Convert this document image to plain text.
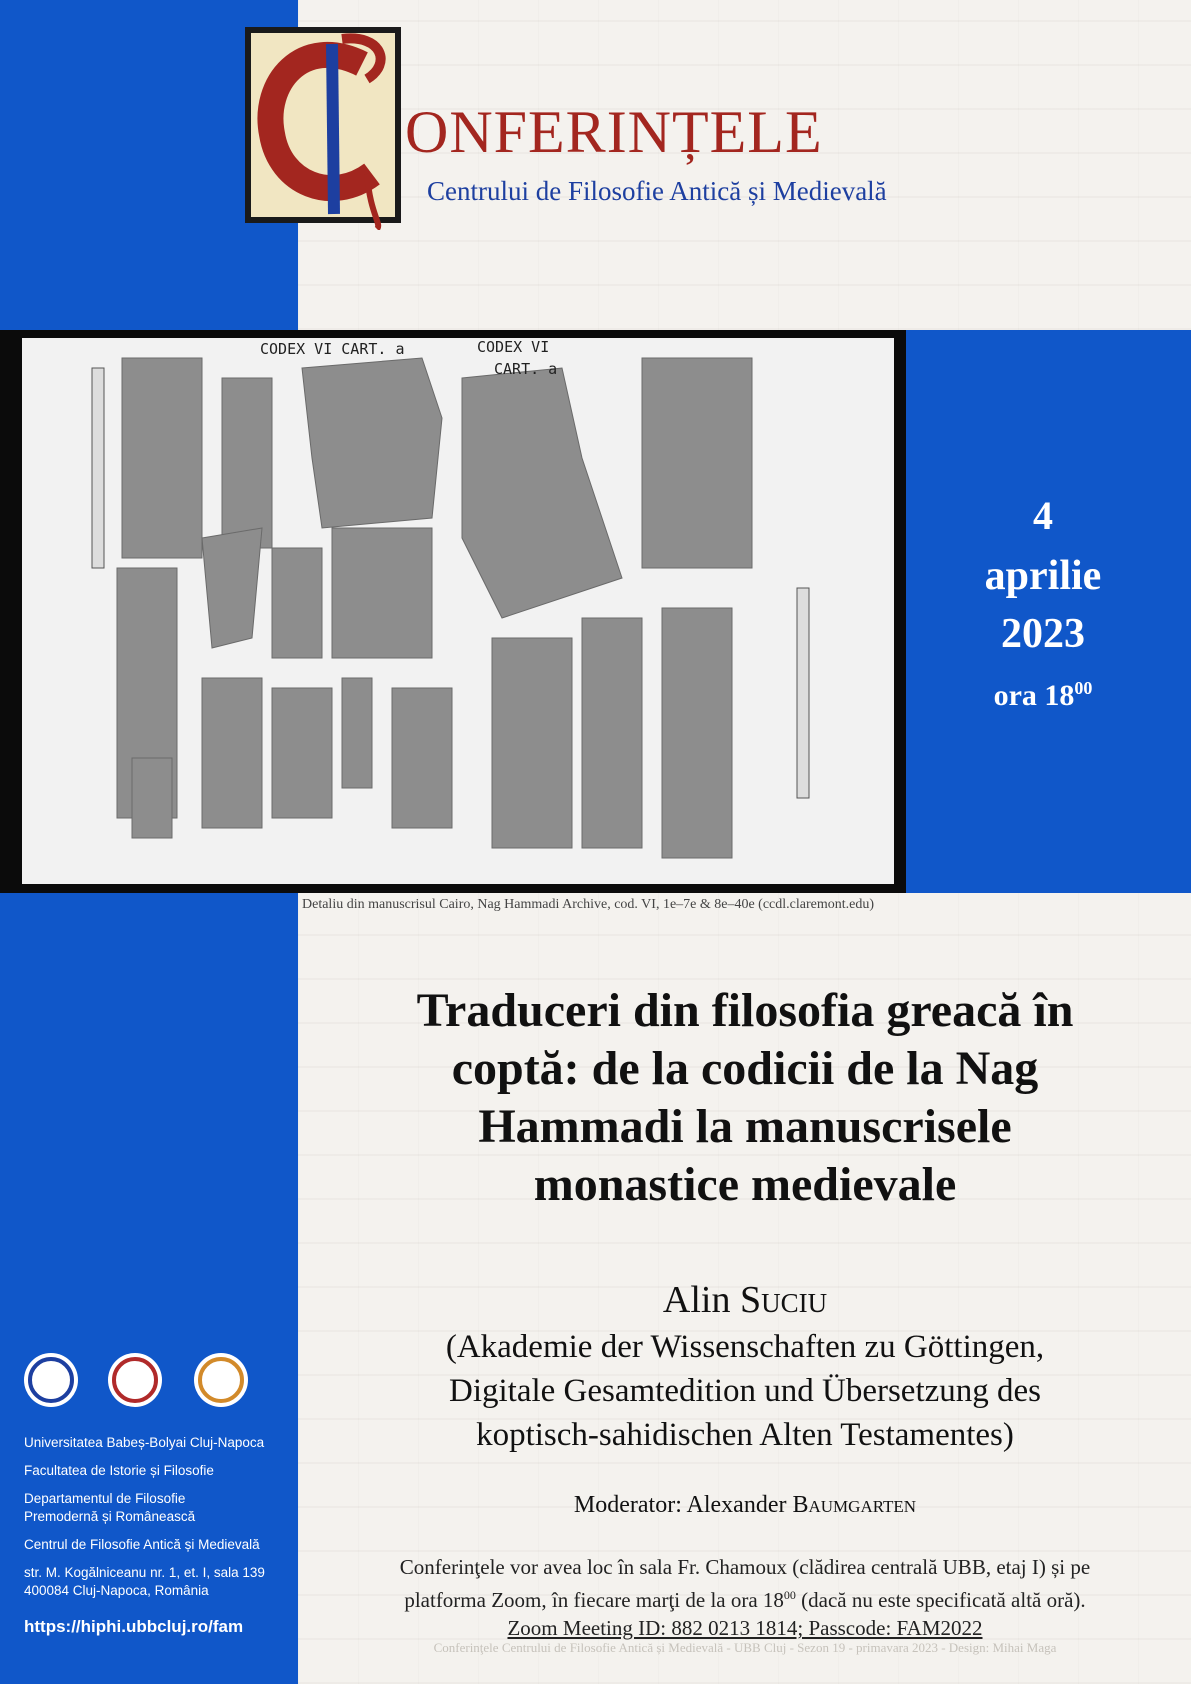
ONFERINȚELE
Centrului de Filosofie Antică și Medievală
CODEX VI CART. a	CODEX VI
CART. a
Detaliu din manuscrisul Cairo, Nag Hammadi Archive, cod. VI, 1e–7e & 8e–40e (ccdl.claremont.edu)
4
aprilie
2023
ora $18^{00}$
Traduceri din filosofia greacă în
coptă: de la codicii de la Nag
Hammadi la manuscrisele
monastice medievale
Alin Suciu
(Akademie der Wissenschaften zu Göttingen,
Digitale Gesamtedition und Übersetzung des
koptisch-sahidischen Alten Testamentes)
Moderator: Alexander Baumgarten
Conferinţele vor avea loc în sala Fr. Chamoux (clădirea centrală UBB, etaj I) și pe
platforma Zoom, în fiecare marţi de la ora $18^{00}$ (dacă nu este specificată altă oră).
Zoom Meeting ID: 882 0213 1814; Passcode: FAM2022
Conferinţele Centrului de Filosofie Antică și Medievală - UBB Cluj - Sezon 19 - primavara 2023 - Design: Mihai Maga
Universitatea Babeș-Bolyai Cluj-Napoca
Facultatea de Istorie și Filosofie
Departamentul de Filosofie
Premodernă și Românească
Centrul de Filosofie Antică și Medievală
str. M. Kogălniceanu nr. 1, et. I, sala 139
400084 Cluj-Napoca, România
https://hiphi.ubbcluj.ro/fam
